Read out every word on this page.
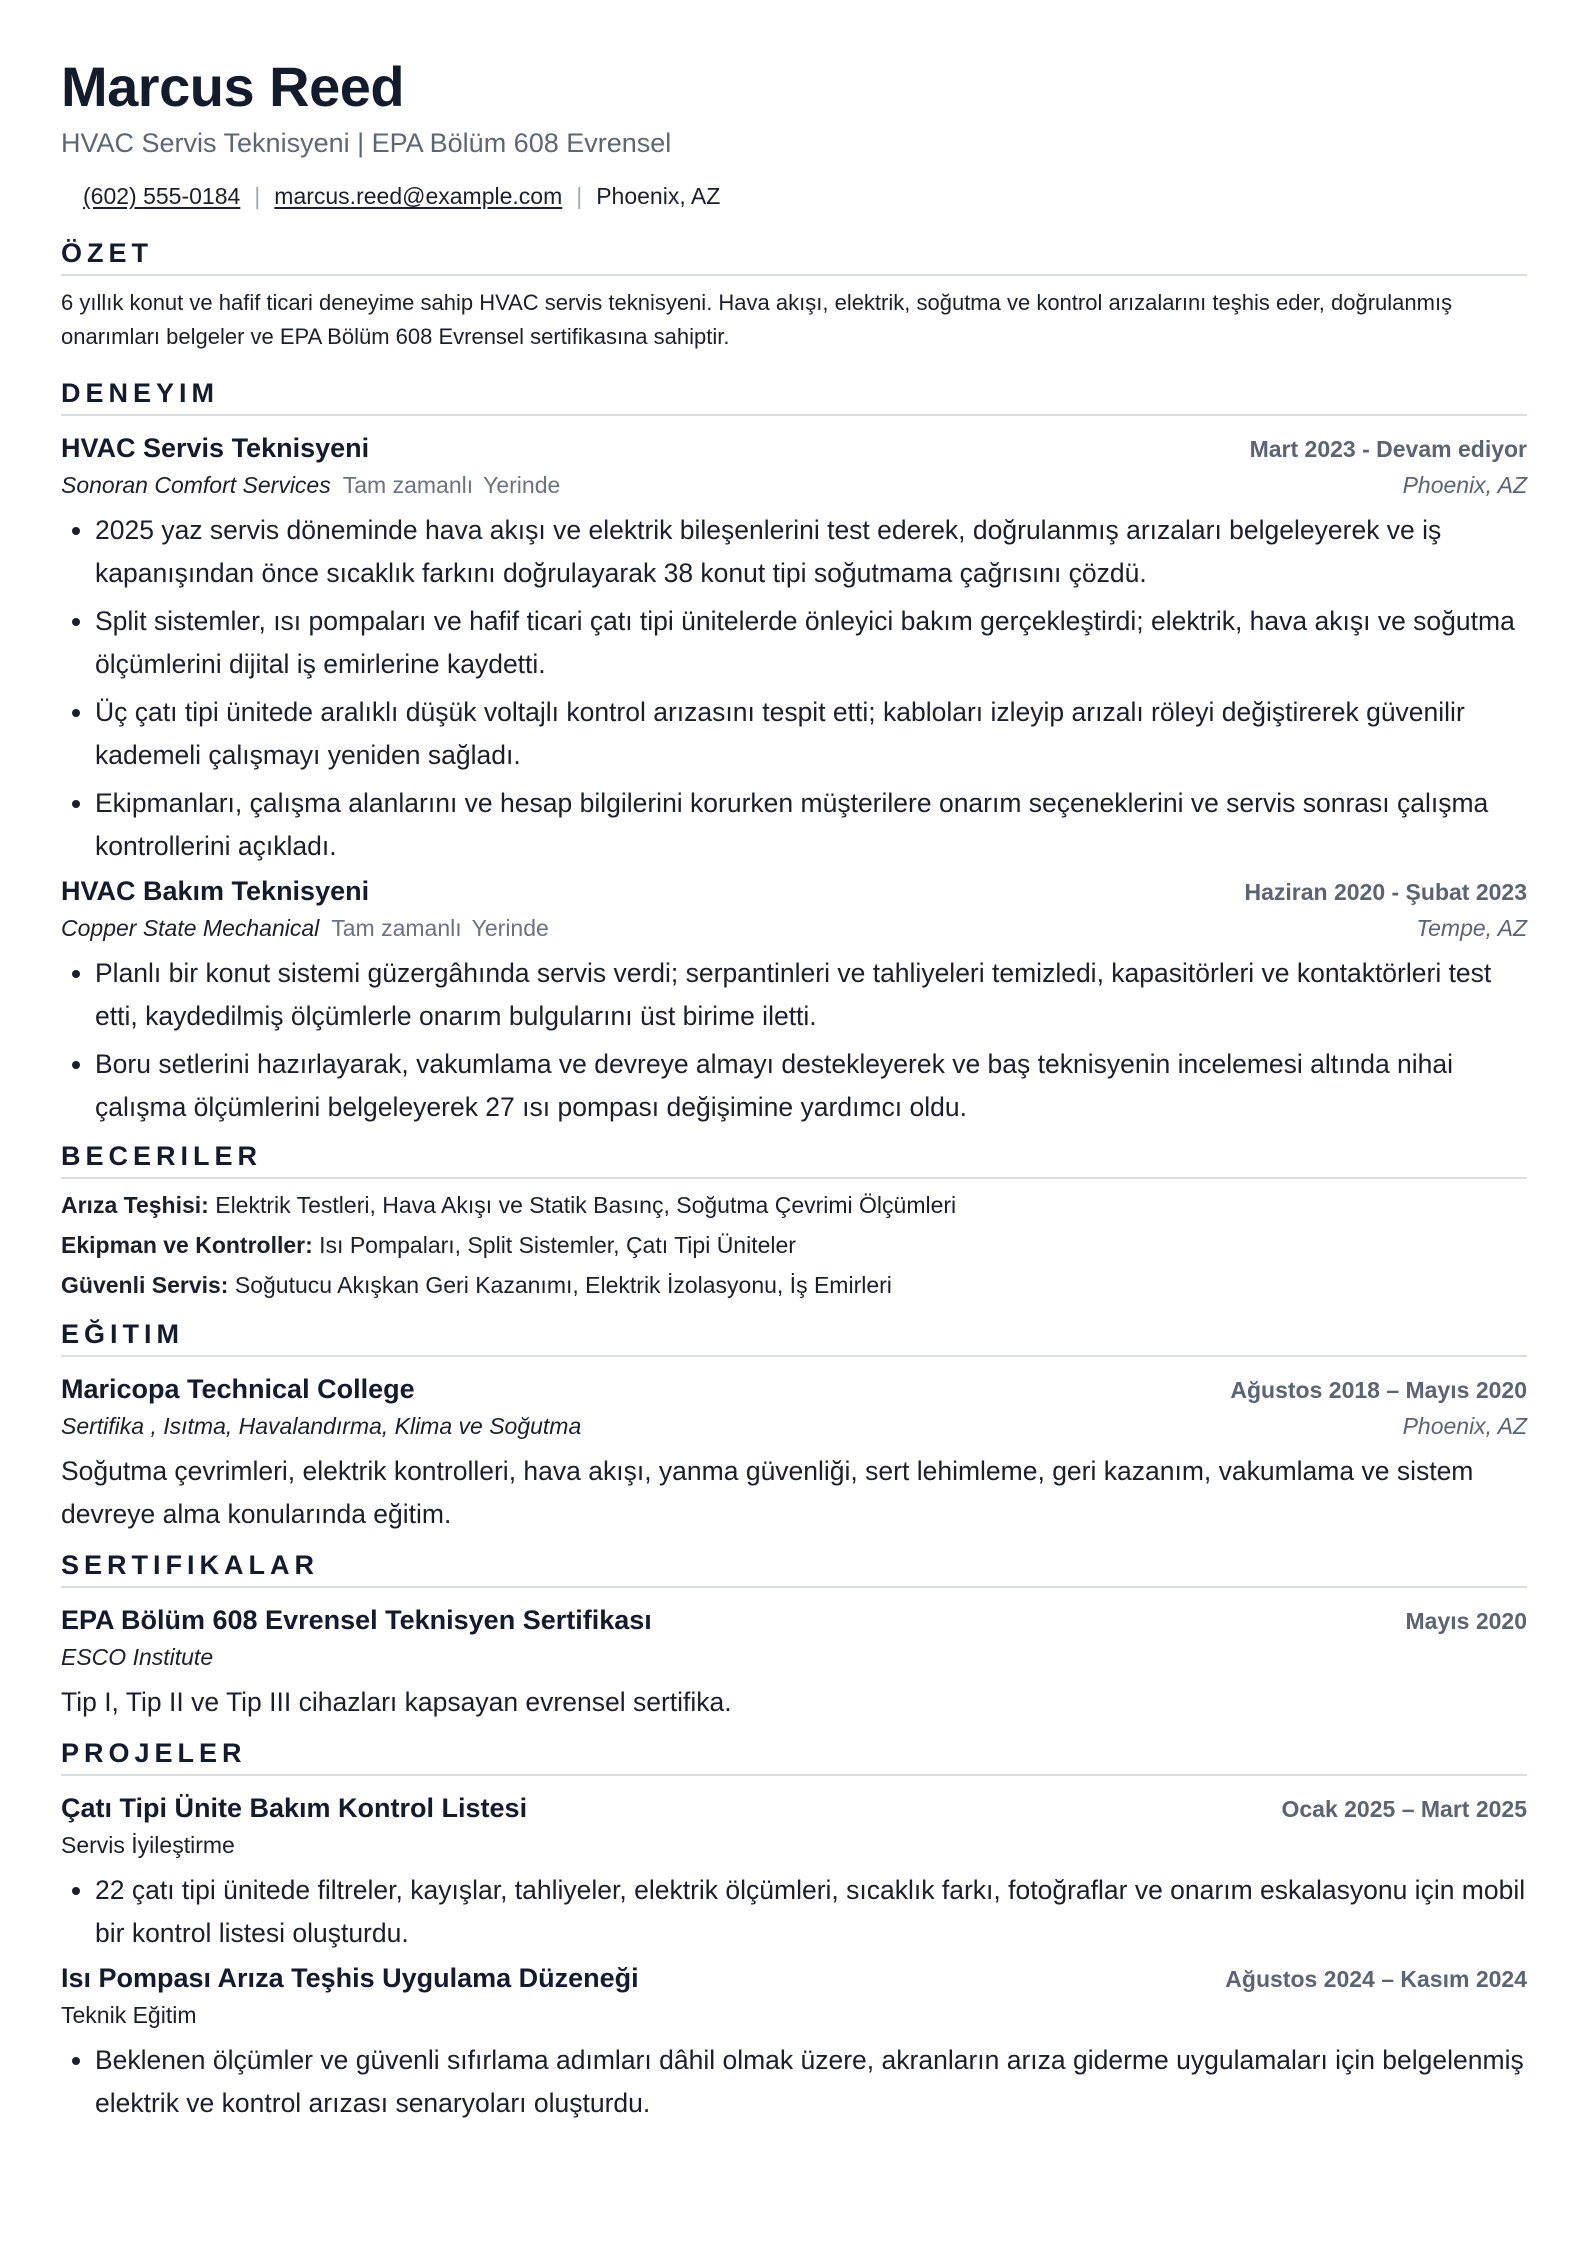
Marcus Reed
HVAC Servis Teknisyeni | EPA Bölüm 608 Evrensel
(602) 555-0184 | marcus.reed@example.com | Phoenix, AZ
ÖZET
6 yıllık konut ve hafif ticari deneyime sahip HVAC servis teknisyeni. Hava akışı, elektrik, soğutma ve kontrol arızalarını teşhis eder, doğrulanmış onarımları belgeler ve EPA Bölüm 608 Evrensel sertifikasına sahiptir.
DENEYIM
HVAC Servis Teknisyeni	Mart 2023 - Devam ediyor
Sonoran Comfort Services Tam zamanlı Yerinde	Phoenix, AZ
• 2025 yaz servis döneminde hava akışı ve elektrik bileşenlerini test ederek, doğrulanmış arızaları belgeleyerek ve iş kapanışından önce sıcaklık farkını doğrulayarak 38 konut tipi soğutmama çağrısını çözdü.
• Split sistemler, ısı pompaları ve hafif ticari çatı tipi ünitelerde önleyici bakım gerçekleştirdi; elektrik, hava akışı ve soğutma ölçümlerini dijital iş emirlerine kaydetti.
• Üç çatı tipi ünitede aralıklı düşük voltajlı kontrol arızasını tespit etti; kabloları izleyip arızalı röleyi değiştirerek güvenilir kademeli çalışmayı yeniden sağladı.
• Ekipmanları, çalışma alanlarını ve hesap bilgilerini korurken müşterilere onarım seçeneklerini ve servis sonrası çalışma kontrollerini açıkladı.
HVAC Bakım Teknisyeni	Haziran 2020 - Şubat 2023
Copper State Mechanical Tam zamanlı Yerinde	Tempe, AZ
• Planlı bir konut sistemi güzergâhında servis verdi; serpantinleri ve tahliyeleri temizledi, kapasitörleri ve kontaktörleri test etti, kaydedilmiş ölçümlerle onarım bulgularını üst birime iletti.
• Boru setlerini hazırlayarak, vakumlama ve devreye almayı destekleyerek ve baş teknisyenin incelemesi altında nihai çalışma ölçümlerini belgeleyerek 27 ısı pompası değişimine yardımcı oldu.
BECERILER
Arıza Teşhisi: Elektrik Testleri, Hava Akışı ve Statik Basınç, Soğutma Çevrimi Ölçümleri
Ekipman ve Kontroller: Isı Pompaları, Split Sistemler, Çatı Tipi Üniteler
Güvenli Servis: Soğutucu Akışkan Geri Kazanımı, Elektrik İzolasyonu, İş Emirleri
EĞITIM
Maricopa Technical College	Ağustos 2018 – Mayıs 2020
Sertifika , Isıtma, Havalandırma, Klima ve Soğutma	Phoenix, AZ
Soğutma çevrimleri, elektrik kontrolleri, hava akışı, yanma güvenliği, sert lehimleme, geri kazanım, vakumlama ve sistem devreye alma konularında eğitim.
SERTIFIKALAR
EPA Bölüm 608 Evrensel Teknisyen Sertifikası	Mayıs 2020
ESCO Institute
Tip I, Tip II ve Tip III cihazları kapsayan evrensel sertifika.
PROJELER
Çatı Tipi Ünite Bakım Kontrol Listesi	Ocak 2025 – Mart 2025
Servis İyileştirme
• 22 çatı tipi ünitede filtreler, kayışlar, tahliyeler, elektrik ölçümleri, sıcaklık farkı, fotoğraflar ve onarım eskalasyonu için mobil bir kontrol listesi oluşturdu.
Isı Pompası Arıza Teşhis Uygulama Düzeneği	Ağustos 2024 – Kasım 2024
Teknik Eğitim
• Beklenen ölçümler ve güvenli sıfırlama adımları dâhil olmak üzere, akranların arıza giderme uygulamaları için belgelenmiş elektrik ve kontrol arızası senaryoları oluşturdu.
